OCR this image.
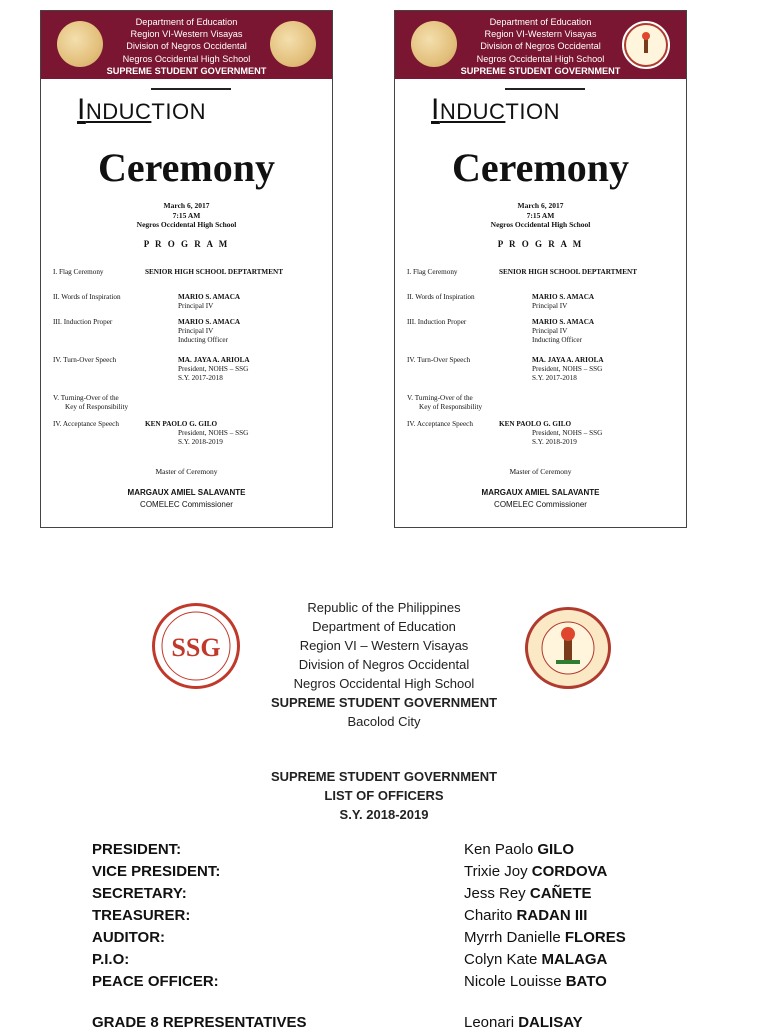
Department of Education
Region VI-Western Visayas
Division of Negros Occidental
Negros Occidental High School
SUPREME STUDENT GOVERNMENT
INDUCTION
Ceremony
March 6, 2017
7:15 AM
Negros Occidental High School
P R O G R A M
I. Flag Ceremony	SENIOR HIGH SCHOOL DEPTARTMENT
II. Words of Inspiration	MARIO S. AMACA
Principal IV
III. Induction Proper	MARIO S. AMACA
Principal IV
Inducting Officer
IV. Turn-Over Speech	MA. JAYA A. ARIOLA
President, NOHS – SSG
S.Y. 2017-2018
V. Turning-Over of the
Key of Responsibility
IV. Acceptance Speech	KEN PAOLO G. GILO
President, NOHS – SSG
S.Y. 2018-2019
Master of Ceremony
MARGAUX AMIEL SALAVANTE
COMELEC Commissioner
Department of Education
Region VI-Western Visayas
Division of Negros Occidental
Negros Occidental High School
SUPREME STUDENT GOVERNMENT
INDUCTION
Ceremony
March 6, 2017
7:15 AM
Negros Occidental High School
P R O G R A M
I. Flag Ceremony	SENIOR HIGH SCHOOL DEPTARTMENT
II. Words of Inspiration	MARIO S. AMACA
Principal IV
III. Induction Proper	MARIO S. AMACA
Principal IV
Inducting Officer
IV. Turn-Over Speech	MA. JAYA A. ARIOLA
President, NOHS – SSG
S.Y. 2017-2018
V. Turning-Over of the
Key of Responsibility
IV. Acceptance Speech	KEN PAOLO G. GILO
President, NOHS – SSG
S.Y. 2018-2019
Master of Ceremony
MARGAUX AMIEL SALAVANTE
COMELEC Commissioner
SSG
Republic of the Philippines
Department of Education
Region VI – Western Visayas
Division of Negros Occidental
Negros Occidental High School
SUPREME STUDENT GOVERNMENT
Bacolod City
SUPREME STUDENT GOVERNMENT
LIST OF OFFICERS
S.Y. 2018-2019
PRESIDENT:	Ken Paolo GILO
VICE PRESIDENT:	Trixie Joy CORDOVA
SECRETARY:	Jess Rey CAÑETE
TREASURER:	Charito RADAN III
AUDITOR:	Myrrh Danielle FLORES
P.I.O:	Colyn Kate MALAGA
PEACE OFFICER:	Nicole Louisse BATO
GRADE 8 REPRESENTATIVES	Leonari DALISAY
